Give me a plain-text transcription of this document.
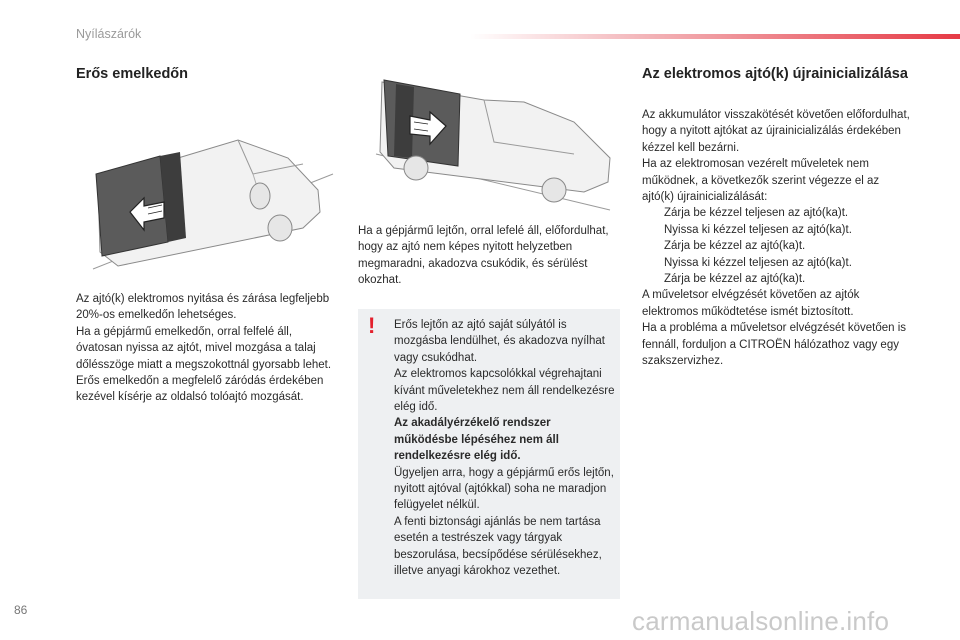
Nyílászárók
Erős emelkedőn

Az ajtó(k) elektromos nyitása és zárása legfeljebb 20%-os emelkedőn lehetséges.

Ha a gépjármű emelkedőn, orral felfelé áll, óvatosan nyissa az ajtót, mivel mozgása a talaj dőlésszöge miatt a megszokottnál gyorsabb lehet.

Erős emelkedőn a megfelelő záródás érdekében kezével kísérje az oldalsó tolóajtó mozgását.

Ha a gépjármű lejtőn, orral lefelé áll, előfordulhat, hogy az ajtó nem képes nyitott helyzetben megmaradni, akadozva csukódik, és sérülést okozhat.
! Erős lejtőn az ajtó saját súlyától is mozgásba lendülhet, és akadozva nyílhat vagy csukódhat.

Az elektromos kapcsolókkal végrehajtani kívánt műveletekhez nem áll rendelkezésre elég idő.

Az akadályérzékelő rendszer működésbe lépéséhez nem áll rendelkezésre elég idő.

Ügyeljen arra, hogy a gépjármű erős lejtőn, nyitott ajtóval (ajtókkal) soha ne maradjon felügyelet nélkül.

A fenti biztonsági ajánlás be nem tartása esetén a testrészek vagy tárgyak beszorulása, becsípődése sérülésekhez, illetve anyagi károkhoz vezethet.

Az elektromos ajtó(k) újrainicializálása

Az akkumulátor visszakötését követően előfordulhat, hogy a nyitott ajtókat az újrainicializálás érdekében kézzel kell bezárni.

Ha az elektromosan vezérelt műveletek nem működnek, a következők szerint végezze el az ajtó(k) újrainicializálását:

Zárja be kézzel teljesen az ajtó(ka)t.
Nyissa ki kézzel teljesen az ajtó(ka)t.
Zárja be kézzel az ajtó(ka)t.
Nyissa ki kézzel teljesen az ajtó(ka)t.
Zárja be kézzel az ajtó(ka)t.

A műveletsor elvégzését követően az ajtók elektromos működtetése ismét biztosított.

Ha a probléma a műveletsor elvégzését követően is fennáll, forduljon a CITROËN hálózathoz vagy egy szakszervizhez.

86	carmanualsonline.info
